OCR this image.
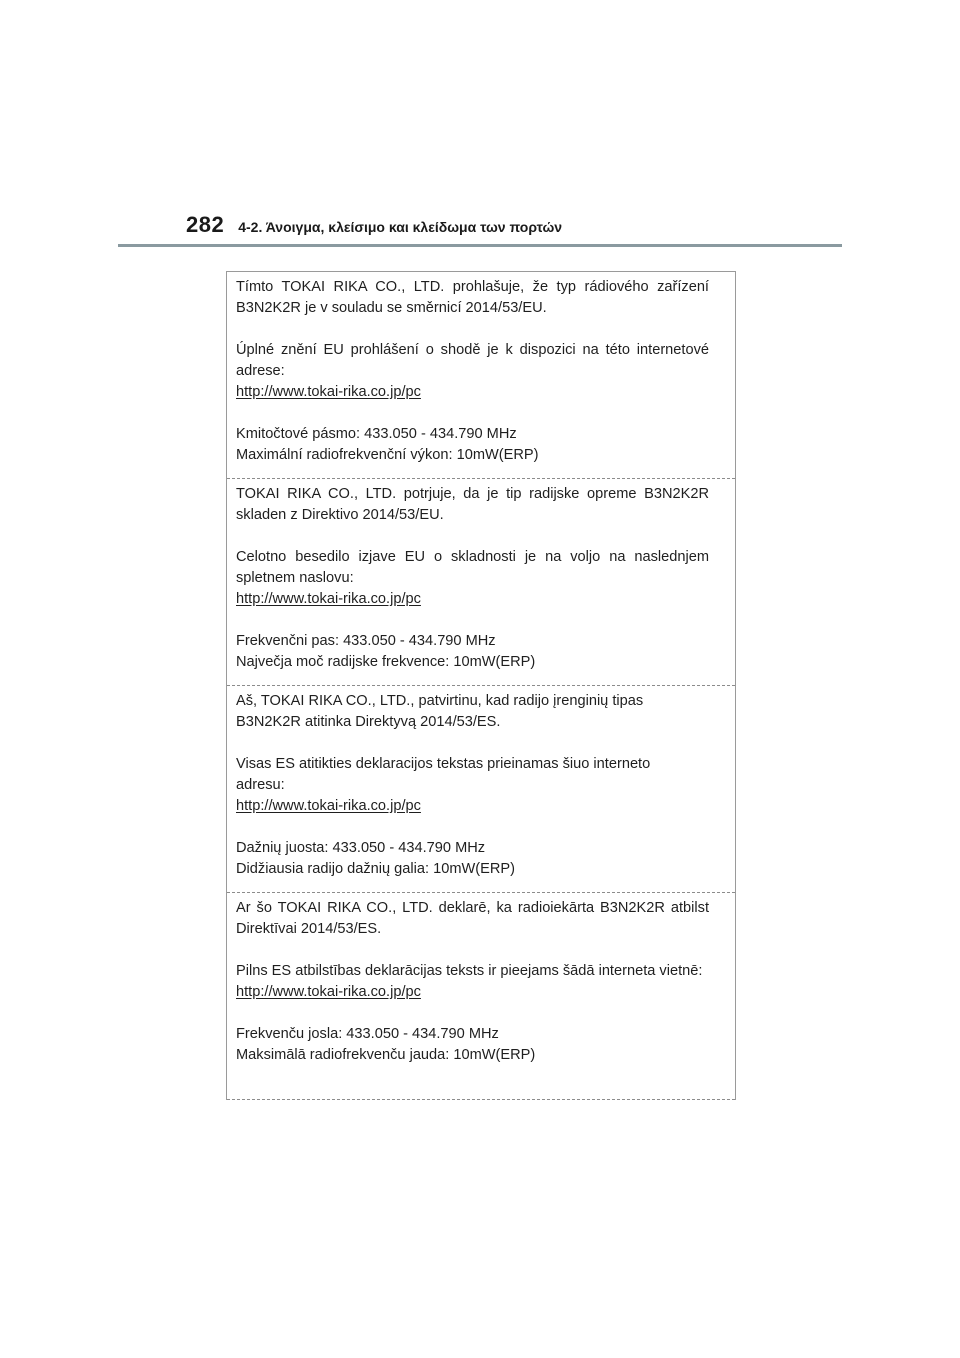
282 4-2. Άνοιγμα, κλείσιμο και κλείδωμα των πορτών

Tímto TOKAI RIKA CO., LTD. prohlašuje, že typ rádiového zařízení B3N2K2R je v souladu se směrnicí 2014/53/EU.

Úplné znění EU prohlášení o shodě je k dispozici na této internetové adrese:

http://www.tokai-rika.co.jp/pc

Kmitočtové pásmo: 433.050 - 434.790 MHz

Maximální radiofrekvenční výkon: 10mW(ERP)

TOKAI RIKA CO., LTD. potrjuje, da je tip radijske opreme B3N2K2R skladen z Direktivo 2014/53/EU.

Celotno besedilo izjave EU o skladnosti je na voljo na naslednjem spletnem naslovu:

http://www.tokai-rika.co.jp/pc

Frekvenčni pas: 433.050 - 434.790 MHz

Največja moč radijske frekvence: 10mW(ERP)

Aš, TOKAI RIKA CO., LTD., patvirtinu, kad radijo įrenginių tipas B3N2K2R atitinka Direktyvą 2014/53/ES.

Visas ES atitikties deklaracijos tekstas prieinamas šiuo interneto adresu:

http://www.tokai-rika.co.jp/pc

Dažnių juosta: 433.050 - 434.790 MHz

Didžiausia radijo dažnių galia: 10mW(ERP)

Ar šo TOKAI RIKA CO., LTD. deklarē, ka radioiekārta B3N2K2R atbilst Direktīvai 2014/53/ES.

Pilns ES atbilstības deklarācijas teksts ir pieejams šādā interneta vietnē:

http://www.tokai-rika.co.jp/pc

Frekvenču josla: 433.050 - 434.790 MHz

Maksimālā radiofrekvenču jauda: 10mW(ERP)
